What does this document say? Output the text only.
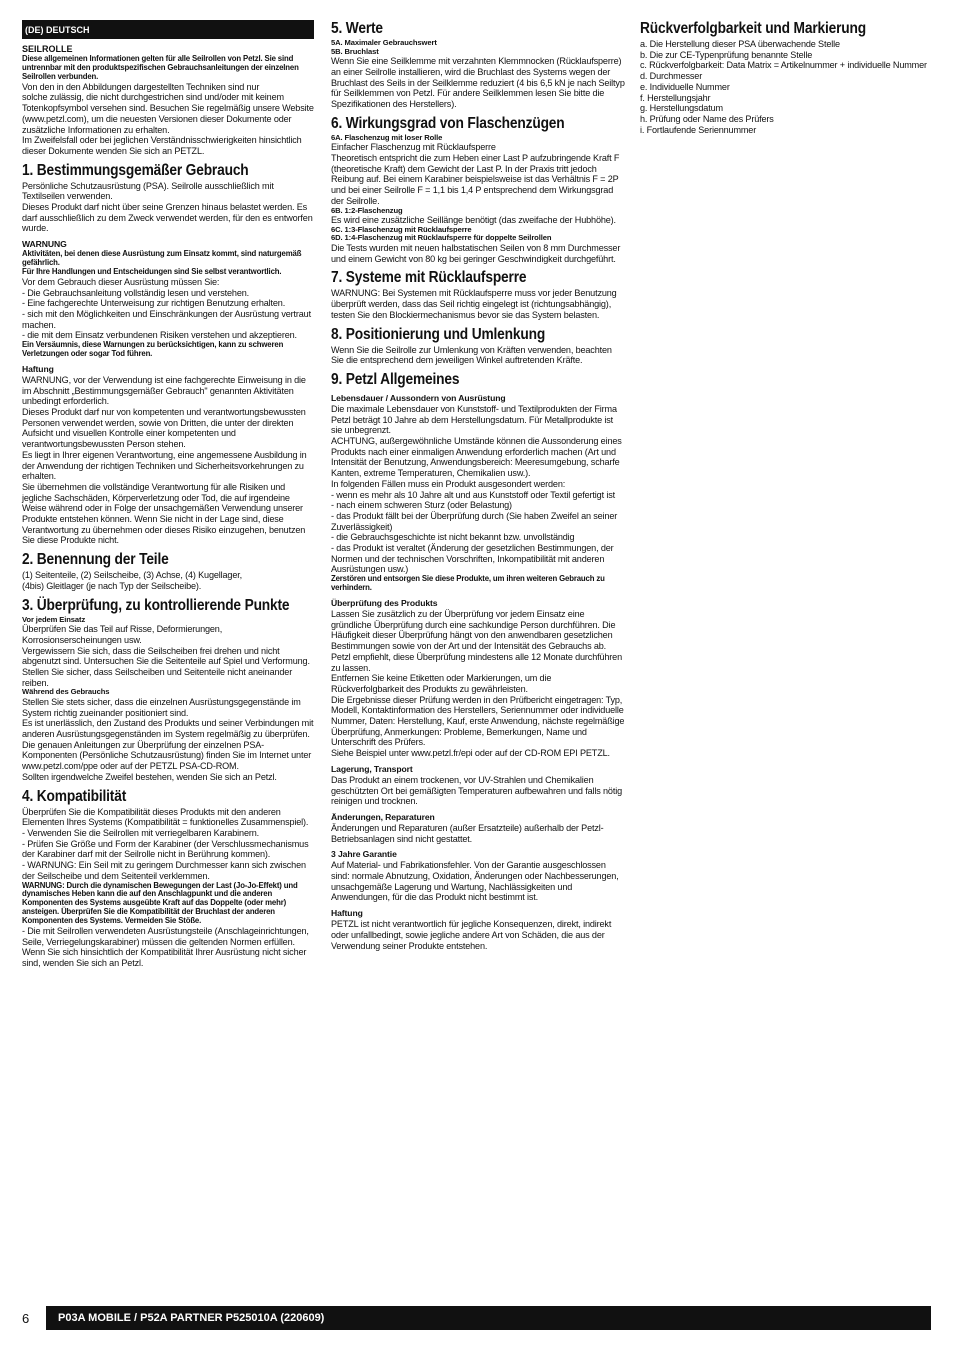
(DE) DEUTSCH
SEILROLLE

Diese allgemeinen Informationen gelten für alle Seilrollen von Petzl. Sie sind untrennbar mit den produktspezifischen Gebrauchsanleitungen der einzelnen Seilrollen verbunden.

Von den in den Abbildungen dargestellten Techniken sind nur
solche zulässig, die nicht durchgestrichen sind und/oder mit keinem Totenkopfsymbol versehen sind. Besuchen Sie regelmäßig unsere Website (www.petzl.com), um die neuesten Versionen dieser Dokumente oder zusätzliche Informationen zu erhalten.
Im Zweifelsfall oder bei jeglichen Verständnisschwierigkeiten hinsichtlich dieser Dokumente wenden Sie sich an PETZL.

1. Bestimmungsgemäßer Gebrauch

Persönliche Schutzausrüstung (PSA). Seilrolle ausschließlich mit Textilseilen verwenden.
Dieses Produkt darf nicht über seine Grenzen hinaus belastet werden. Es darf ausschließlich zu dem Zweck verwendet werden, für den es entworfen wurde.

WARNUNG

Aktivitäten, bei denen diese Ausrüstung zum Einsatz kommt, sind naturgemäß gefährlich.

Für Ihre Handlungen und Entscheidungen sind Sie selbst verantwortlich.

Vor dem Gebrauch dieser Ausrüstung müssen Sie:
- Die Gebrauchsanleitung vollständig lesen und verstehen.
- Eine fachgerechte Unterweisung zur richtigen Benutzung erhalten.
- sich mit den Möglichkeiten und Einschränkungen der Ausrüstung vertraut machen.
- die mit dem Einsatz verbundenen Risiken verstehen und akzeptieren.

Ein Versäumnis, diese Warnungen zu berücksichtigen, kann zu schweren Verletzungen oder sogar Tod führen.

Haftung

WARNUNG, vor der Verwendung ist eine fachgerechte Einweisung in die im Abschnitt „Bestimmungsgemäßer Gebrauch" genannten Aktivitäten unbedingt erforderlich.
Dieses Produkt darf nur von kompetenten und verantwortungsbewussten Personen verwendet werden, sowie von Dritten, die unter der direkten Aufsicht und visuellen Kontrolle einer kompetenten und verantwortungsbewussten Person stehen.
Es liegt in Ihrer eigenen Verantwortung, eine angemessene Ausbildung in der Anwendung der richtigen Techniken und Sicherheitsvorkehrungen zu erhalten.
Sie übernehmen die vollständige Verantwortung für alle Risiken und jegliche Sachschäden, Körperverletzung oder Tod, die auf irgendeine Weise während oder in Folge der unsachgemäßen Verwendung unserer Produkte entstehen können. Wenn Sie nicht in der Lage sind, diese Verantwortung zu übernehmen oder dieses Risiko einzugehen, benutzen Sie diese Produkte nicht.

2. Benennung der Teile

(1) Seitenteile, (2) Seilscheibe, (3) Achse, (4) Kugellager,
(4bis) Gleitlager (je nach Typ der Seilscheibe).

3. Überprüfung, zu kontrollierende Punkte
Vor jedem Einsatz

Überprüfen Sie das Teil auf Risse, Deformierungen, Korrosionserscheinungen usw.
Vergewissern Sie sich, dass die Seilscheiben frei drehen und nicht abgenutzt sind. Untersuchen Sie die Seitenteile auf Spiel und Verformung. Stellen Sie sicher, dass Seilscheiben und Seitenteile nicht aneinander reiben.

Während des Gebrauchs

Stellen Sie stets sicher, dass die einzelnen Ausrüstungsgegenstände im System richtig zueinander positioniert sind.
Es ist unerlässlich, den Zustand des Produkts und seiner Verbindungen mit anderen Ausrüstungsgegenständen im System regelmäßig zu überprüfen.
Die genauen Anleitungen zur Überprüfung der einzelnen PSA-Komponenten (Persönliche Schutzausrüstung) finden Sie im Internet unter www.petzl.com/ppe oder auf der PETZL PSA-CD-ROM.
Sollten irgendwelche Zweifel bestehen, wenden Sie sich an Petzl.

4. Kompatibilität

Überprüfen Sie die Kompatibilität dieses Produkts mit den anderen Elementen Ihres Systems (Kompatibilität = funktionelles Zusammenspiel).
- Verwenden Sie die Seilrollen mit verriegelbaren Karabinern.
- Prüfen Sie Größe und Form der Karabiner (der Verschlussmechanismus der Karabiner darf mit der Seilrolle nicht in Berührung kommen).
- WARNUNG: Ein Seil mit zu geringem Durchmesser kann sich zwischen der Seilscheibe und dem Seitenteil verklemmen.

WARNUNG: Durch die dynamischen Bewegungen der Last (Jo-Jo-Effekt) und dynamisches Heben kann die auf den Anschlagpunkt und die anderen Komponenten des Systems ausgeübte Kraft auf das Doppelte (oder mehr) ansteigen. Überprüfen Sie die Kompatibilität der Bruchlast der anderen Komponenten des Systems. Vermeiden Sie Stöße.

- Die mit Seilrollen verwendeten Ausrüstungsteile (Anschlageinrichtungen, Seile, Verriegelungskarabiner) müssen die geltenden Normen erfüllen.
Wenn Sie sich hinsichtlich der Kompatibilität Ihrer Ausrüstung nicht sicher sind, wenden Sie sich an Petzl.

5. Werte
5A. Maximaler Gebrauchswert
5B. Bruchlast

Wenn Sie eine Seilklemme mit verzahnten Klemmnocken (Rücklaufsperre) an einer Seilrolle installieren, wird die Bruchlast des Systems wegen der Bruchlast des Seils in der Seilklemme reduziert (4 bis 6,5 kN je nach Seiltyp für Seilklemmen von Petzl. Für andere Seilklemmen lesen Sie bitte die Spezifikationen des Herstellers).

6. Wirkungsgrad von Flaschenzügen
6A. Flaschenzug mit loser Rolle

Einfacher Flaschenzug mit Rücklaufsperre
Theoretisch entspricht die zum Heben einer Last P aufzubringende Kraft F (theoretische Kraft) dem Gewicht der Last P. In der Praxis tritt jedoch Reibung auf. Bei einem Karabiner beispielsweise ist das Verhältnis F = 2P und bei einer Seilrolle F = 1,1 bis 1,4 P entsprechend dem Wirkungsgrad der Seilrolle.

6B. 1:2-Flaschenzug

Es wird eine zusätzliche Seillänge benötigt (das zweifache der Hubhöhe).

6C. 1:3-Flaschenzug mit Rücklaufsperre
6D. 1:4-Flaschenzug mit Rücklaufsperre für doppelte Seilrollen

Die Tests wurden mit neuen halbstatischen Seilen von 8 mm Durchmesser und einem Gewicht von 80 kg bei geringer Geschwindigkeit durchgeführt.

7. Systeme mit Rücklaufsperre

WARNUNG: Bei Systemen mit Rücklaufsperre muss vor jeder Benutzung überprüft werden, dass das Seil richtig eingelegt ist (richtungsabhängig), testen Sie den Blockiermechanismus bevor sie das System belasten.

8. Positionierung und Umlenkung

Wenn Sie die Seilrolle zur Umlenkung von Kräften verwenden, beachten Sie die entsprechend dem jeweiligen Winkel auftretenden Kräfte.

9. Petzl Allgemeines
Lebensdauer / Aussondern von Ausrüstung

Die maximale Lebensdauer von Kunststoff- und Textilprodukten der Firma Petzl beträgt 10 Jahre ab dem Herstellungsdatum. Für Metallprodukte ist sie unbegrenzt.
ACHTUNG, außergewöhnliche Umstände können die Aussonderung eines Produkts nach einer einmaligen Anwendung erforderlich machen (Art und Intensität der Benutzung, Anwendungsbereich: Meeresumgebung, scharfe Kanten, extreme Temperaturen, Chemikalien usw.).
In folgenden Fällen muss ein Produkt ausgesondert werden:
- wenn es mehr als 10 Jahre alt und aus Kunststoff oder Textil gefertigt ist
- nach einem schweren Sturz (oder Belastung)
- das Produkt fällt bei der Überprüfung durch (Sie haben Zweifel an seiner Zuverlässigkeit)
- die Gebrauchsgeschichte ist nicht bekannt bzw. unvollständig
- das Produkt ist veraltet (Änderung der gesetzlichen Bestimmungen, der Normen und der technischen Vorschriften, Inkompatibilität mit anderen Ausrüstungen usw.)

Zerstören und entsorgen Sie diese Produkte, um ihren weiteren Gebrauch zu verhindern.

Überprüfung des Produkts

Lassen Sie zusätzlich zu der Überprüfung vor jedem Einsatz eine gründliche Überprüfung durch eine sachkundige Person durchführen. Die Häufigkeit dieser Überprüfung hängt von den anwendbaren gesetzlichen Bestimmungen sowie von der Art und der Intensität des Gebrauchs ab. Petzl empfiehlt, diese Überprüfung mindestens alle 12 Monate durchführen zu lassen.
Entfernen Sie keine Etiketten oder Markierungen, um die Rückverfolgbarkeit des Produkts zu gewährleisten.
Die Ergebnisse dieser Prüfung werden in den Prüfbericht eingetragen: Typ, Modell, Kontaktinformation des Herstellers, Seriennummer oder individuelle Nummer, Daten: Herstellung, Kauf, erste Anwendung, nächste regelmäßige Überprüfung, Anmerkungen: Probleme, Bemerkungen, Name und Unterschrift des Prüfers.
Siehe Beispiel unter www.petzl.fr/epi oder auf der CD-ROM EPI PETZL.

Lagerung, Transport

Das Produkt an einem trockenen, vor UV-Strahlen und Chemikalien geschützten Ort bei gemäßigten Temperaturen aufbewahren und falls nötig reinigen und trocknen.

Änderungen, Reparaturen

Änderungen und Reparaturen (außer Ersatzteile) außerhalb der Petzl-Betriebsanlagen sind nicht gestattet.

3 Jahre Garantie

Auf Material- und Fabrikationsfehler. Von der Garantie ausgeschlossen sind: normale Abnutzung, Oxidation, Änderungen oder Nachbesserungen, unsachgemäße Lagerung und Wartung, Nachlässigkeiten und Anwendungen, für die das Produkt nicht bestimmt ist.

Haftung

PETZL ist nicht verantwortlich für jegliche Konsequenzen, direkt, indirekt oder unfallbedingt, sowie jegliche andere Art von Schäden, die aus der Verwendung seiner Produkte entstehen.

Rückverfolgbarkeit und Markierung

a. Die Herstellung dieser PSA überwachende Stelle
b. Die zur CE-Typenprüfung benannte Stelle
c. Rückverfolgbarkeit: Data Matrix = Artikelnummer + individuelle Nummer
d. Durchmesser
e. Individuelle Nummer
f. Herstellungsjahr
g. Herstellungsdatum
h. Prüfung oder Name des Prüfers
i. Fortlaufende Seriennummer

6	P03A MOBILE / P52A PARTNER P525010A (220609)
